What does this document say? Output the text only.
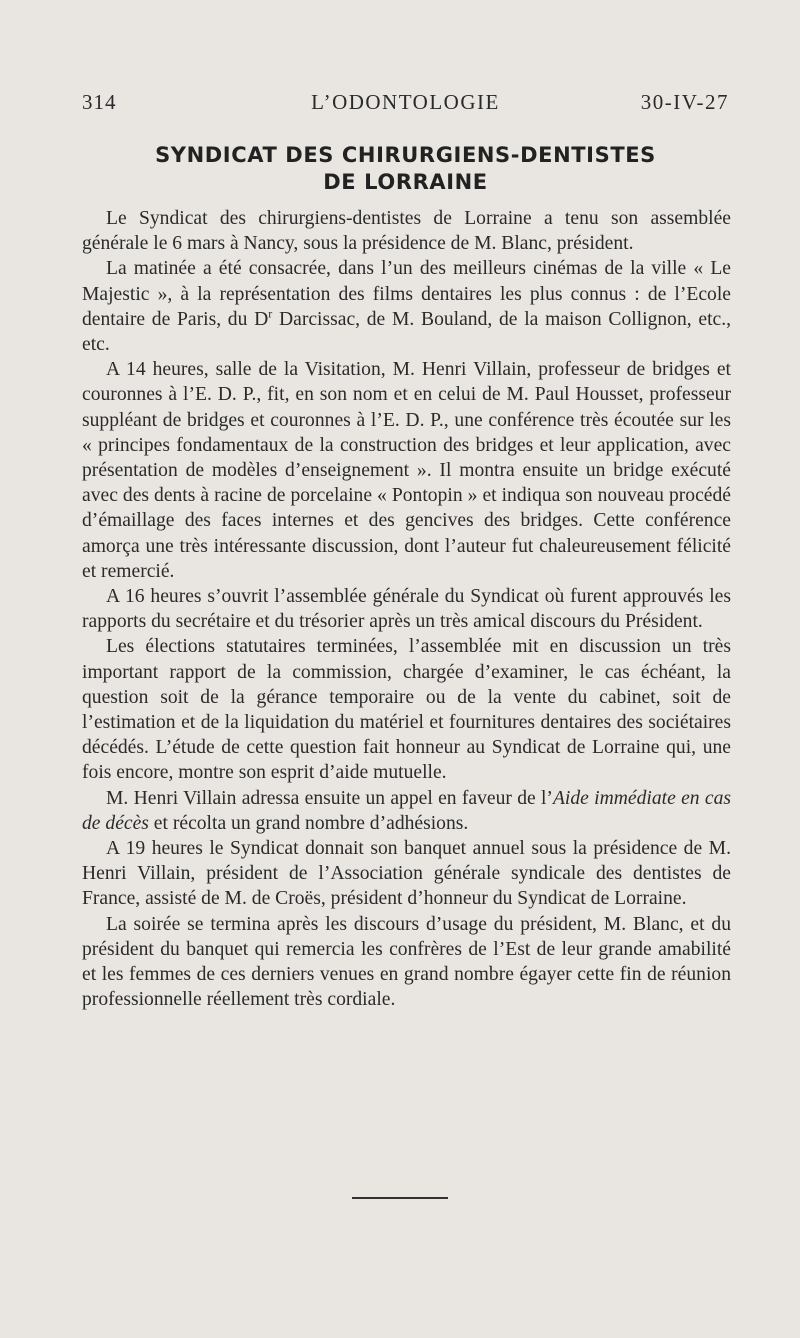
314	L’ODONTOLOGIE	30-IV-27
SYNDICAT DES CHIRURGIENS-DENTISTES
DE LORRAINE

Le Syndicat des chirurgiens-dentistes de Lorraine a tenu son assemblée générale le 6 mars à Nancy, sous la présidence de M. Blanc, président.

La matinée a été consacrée, dans l’un des meilleurs cinémas de la ville « Le Majestic », à la représentation des films dentaires les plus connus : de l’Ecole dentaire de Paris, du $D^r$ Darcissac, de M. Bouland, de la maison Collignon, etc., etc.

A 14 heures, salle de la Visitation, M. Henri Villain, professeur de bridges et couronnes à l’E. D. P., fit, en son nom et en celui de M. Paul Housset, professeur suppléant de bridges et couronnes à l’E. D. P., une conférence très écoutée sur les « principes fondamentaux de la construction des bridges et leur application, avec présentation de modèles d’enseignement ». Il montra ensuite un bridge exécuté avec des dents à racine de porcelaine « Pontopin » et indiqua son nouveau procédé d’émaillage des faces internes et des gencives des bridges. Cette conférence amorça une très intéressante discussion, dont l’auteur fut chaleureusement félicité et remercié.

A 16 heures s’ouvrit l’assemblée générale du Syndicat où furent approuvés les rapports du secrétaire et du trésorier après un très amical discours du Président.

Les élections statutaires terminées, l’assemblée mit en discussion un très important rapport de la commission, chargée d’examiner, le cas échéant, la question soit de la gérance temporaire ou de la vente du cabinet, soit de l’estimation et de la liquidation du matériel et fournitures dentaires des sociétaires décédés. L’étude de cette question fait honneur au Syndicat de Lorraine qui, une fois encore, montre son esprit d’aide mutuelle.

M. Henri Villain adressa ensuite un appel en faveur de l’Aide immédiate en cas de décès et récolta un grand nombre d’adhésions.

A 19 heures le Syndicat donnait son banquet annuel sous la présidence de M. Henri Villain, président de l’Association générale syndicale des dentistes de France, assisté de M. de Croës, président d’honneur du Syndicat de Lorraine.

La soirée se termina après les discours d’usage du président, M. Blanc, et du président du banquet qui remercia les confrères de l’Est de leur grande amabilité et les femmes de ces derniers venues en grand nombre égayer cette fin de réunion professionnelle réellement très cordiale.
